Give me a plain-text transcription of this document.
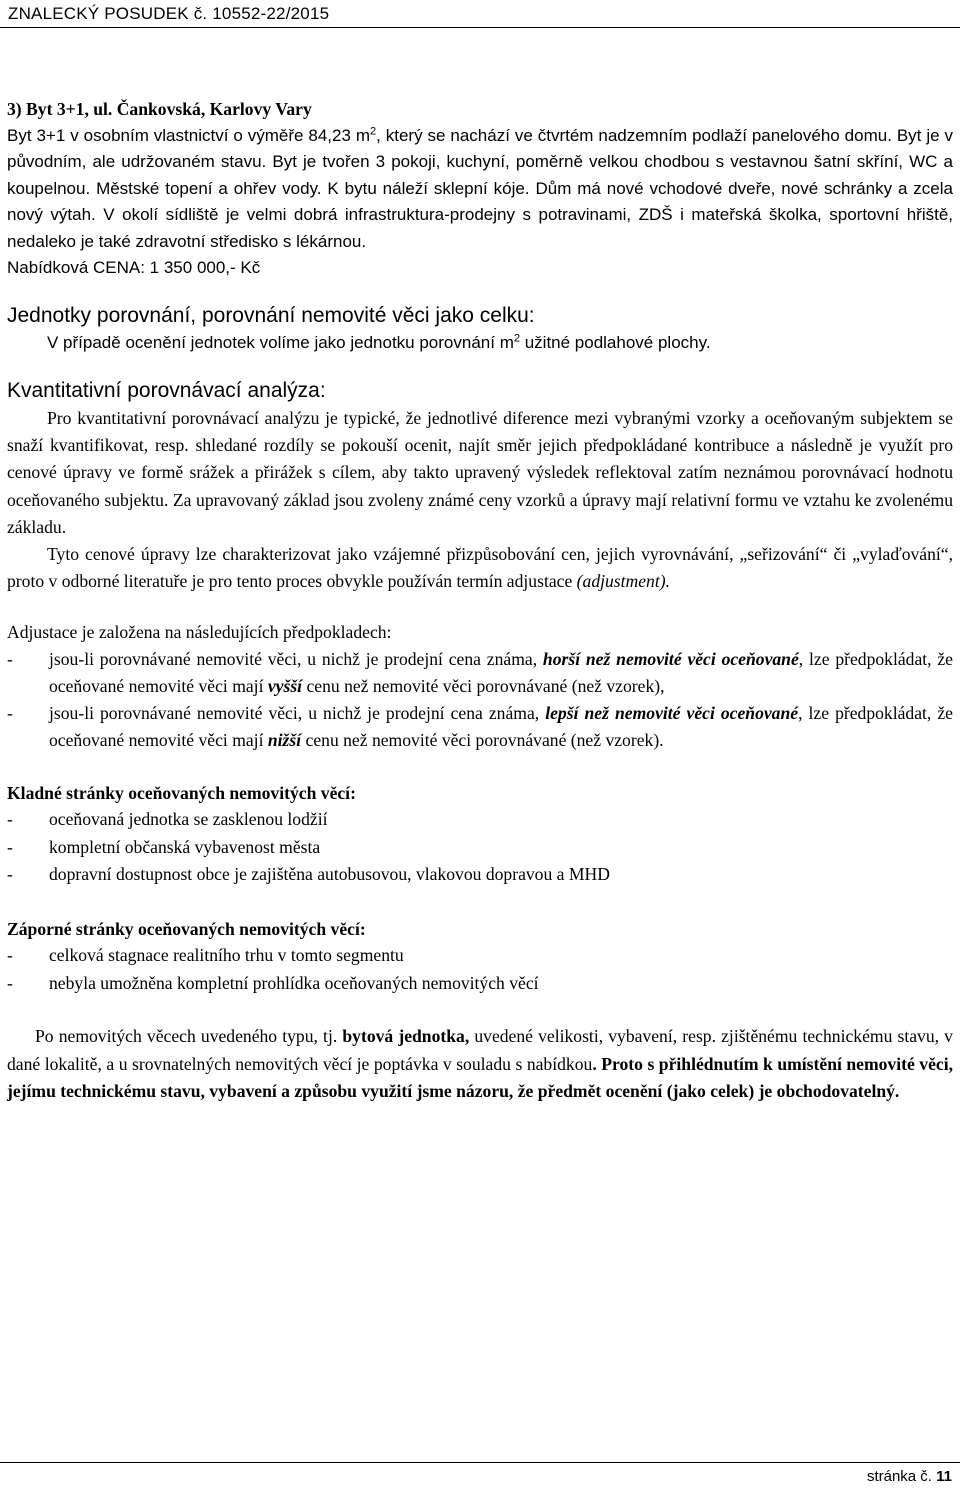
ZNALECKÝ POSUDEK č. 10552-22/2015

3) Byt 3+1, ul. Čankovská, Karlovy Vary

Byt 3+1 v osobním vlastnictví o výměře 84,23 $m^2$, který se nachází ve čtvrtém nadzemním podlaží panelového domu. Byt je v původním, ale udržovaném stavu. Byt je tvořen 3 pokoji, kuchyní, poměrně velkou chodbou s vestavnou šatní skříní, WC a koupelnou. Městské topení a ohřev vody. K bytu náleží sklepní kóje. Dům má nové vchodové dveře, nové schránky a zcela nový výtah. V okolí sídliště je velmi dobrá infrastruktura-prodejny s potravinami, ZDŠ i mateřská školka, sportovní hřiště, nedaleko je také zdravotní středisko s lékárnou.

Nabídková CENA: 1 350 000,- Kč

Jednotky porovnání, porovnání nemovité věci jako celku:

V případě ocenění jednotek volíme jako jednotku porovnání $m^2$ užitné podlahové plochy.

Kvantitativní porovnávací analýza:

Pro kvantitativní porovnávací analýzu je typické, že jednotlivé diference mezi vybranými vzorky a oceňovaným subjektem se snaží kvantifikovat, resp. shledané rozdíly se pokouší ocenit, najít směr jejich předpokládané kontribuce a následně je využít pro cenové úpravy ve formě srážek a přirážek s cílem, aby takto upravený výsledek reflektoval zatím neznámou porovnávací hodnotu oceňovaného subjektu. Za upravovaný základ jsou zvoleny známé ceny vzorků a úpravy mají relativní formu ve vztahu ke zvolenému základu.

Tyto cenové úpravy lze charakterizovat jako vzájemné přizpůsobování cen, jejich vyrovnávání, „seřizování“ či „vylaďování“, proto v odborné literatuře je pro tento proces obvykle používán termín adjustace (adjustment).

Adjustace je založena na následujících předpokladech:

-	jsou-li porovnávané nemovité věci, u nichž je prodejní cena známa, horší než nemovité věci oceňované, lze předpokládat, že oceňované nemovité věci mají vyšší cenu než nemovité věci porovnávané (než vzorek),
-	jsou-li porovnávané nemovité věci, u nichž je prodejní cena známa, lepší než nemovité věci oceňované, lze předpokládat, že oceňované nemovité věci mají nižší cenu než nemovité věci porovnávané (než vzorek).

Kladné stránky oceňovaných nemovitých věcí:

-	oceňovaná jednotka se zasklenou lodžií
-	kompletní občanská vybavenost města
-	dopravní dostupnost obce je zajištěna autobusovou, vlakovou dopravou a MHD

Záporné stránky oceňovaných nemovitých věcí:

-	celková stagnace realitního trhu v tomto segmentu
-	nebyla umožněna kompletní prohlídka oceňovaných nemovitých věcí

Po nemovitých věcech uvedeného typu, tj. bytová jednotka, uvedené velikosti, vybavení, resp. zjištěnému technickému stavu, v dané lokalitě, a u srovnatelných nemovitých věcí je poptávka v souladu s nabídkou. Proto s přihlédnutím k umístění nemovité věci, jejímu technickému stavu, vybavení a způsobu využití jsme názoru, že předmět ocenění (jako celek) je obchodovatelný.

stránka č. 11
